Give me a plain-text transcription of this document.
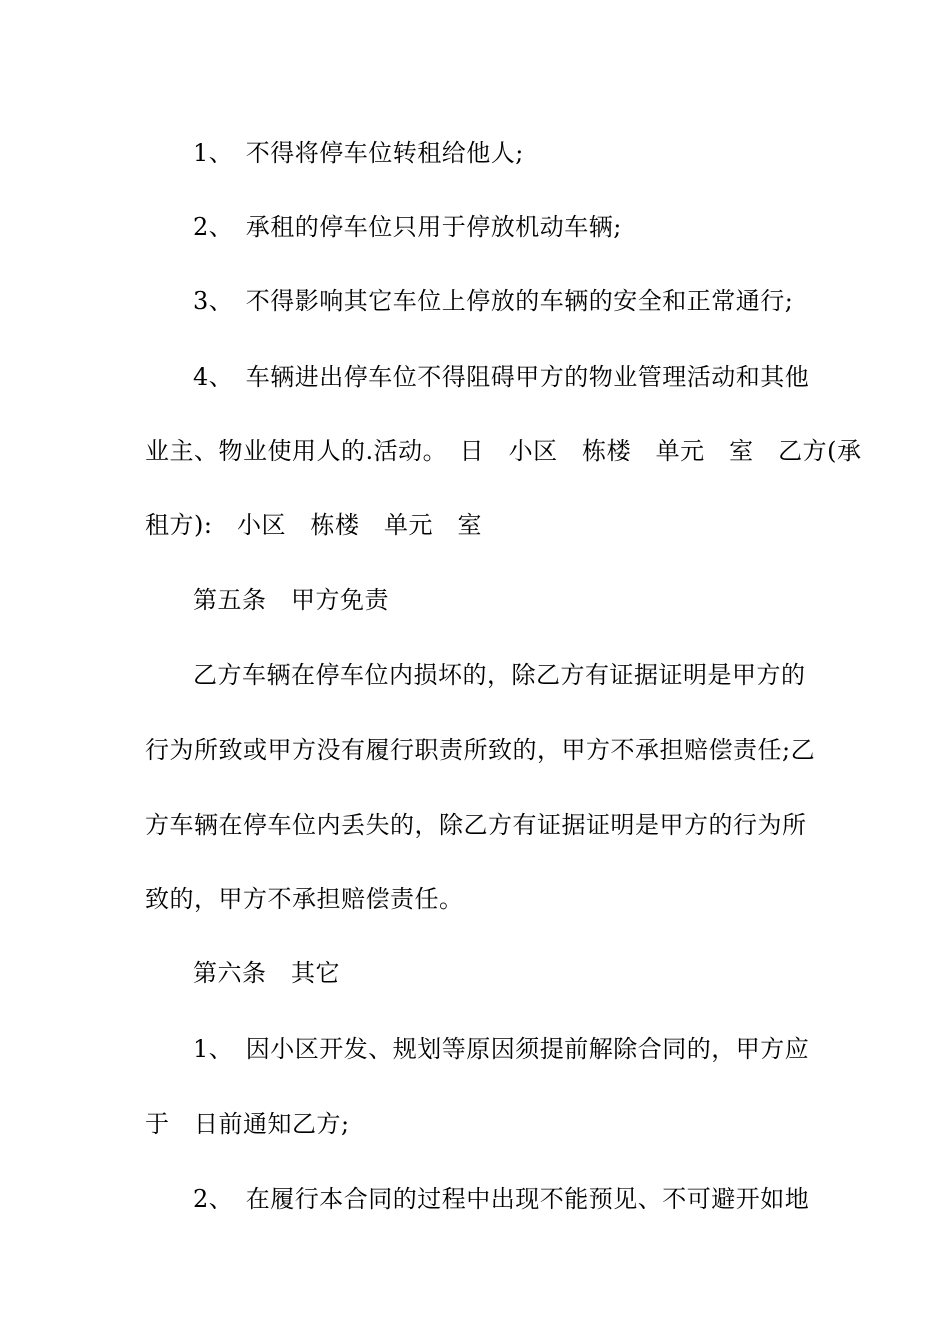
1、　不得将停车位转租给他人;
2、　承租的停车位只用于停放机动车辆;
3、　不得影响其它车位上停放的车辆的安全和正常通行;
4、　车辆进出停车位不得阻碍甲方的物业管理活动和其他
业主、物业使用人的.活动。　日　小区　栋楼　单元　室　乙方(承
租方):　小区　栋楼　单元　室
第五条　甲方免责
乙方车辆在停车位内损坏的，除乙方有证据证明是甲方的
行为所致或甲方没有履行职责所致的，甲方不承担赔偿责任;乙
方车辆在停车位内丢失的，除乙方有证据证明是甲方的行为所
致的，甲方不承担赔偿责任。
第六条　其它
1、　因小区开发、规划等原因须提前解除合同的，甲方应
于　日前通知乙方;
2、　在履行本合同的过程中出现不能预见、不可避开如地
